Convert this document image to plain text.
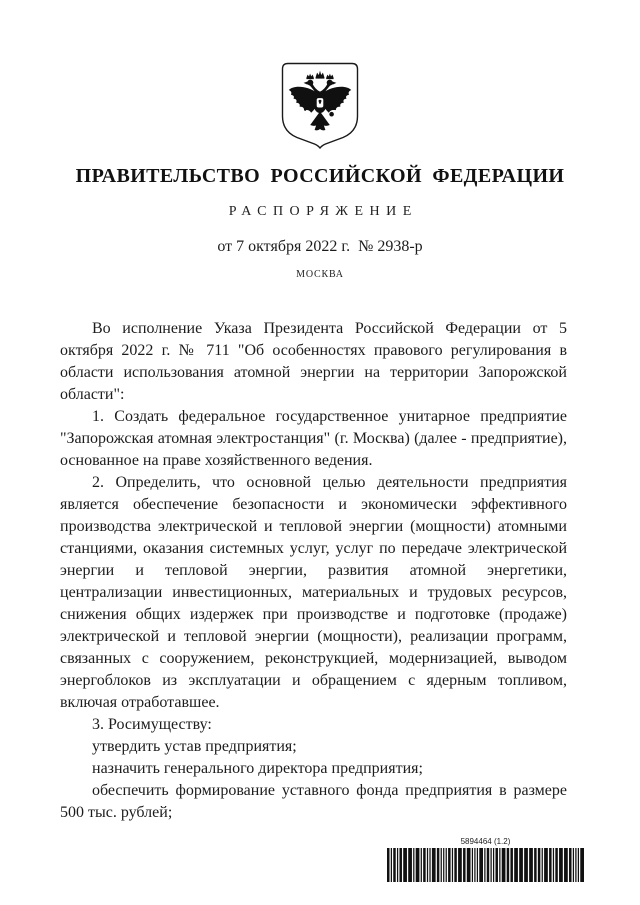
ПРАВИТЕЛЬСТВО РОССИЙСКОЙ ФЕДЕРАЦИИ
РАСПОРЯЖЕНИЕ
от 7 октября 2022 г.  № 2938-р
МОСКВА

Во исполнение Указа Президента Российской Федерации от 5 октября 2022 г. № 711 "Об особенностях правового регулирования в области использования атомной энергии на территории Запорожской области":

1. Создать федеральное государственное унитарное предприятие "Запорожская атомная электростанция" (г. Москва) (далее - предприятие), основанное на праве хозяйственного ведения.

2. Определить, что основной целью деятельности предприятия является обеспечение безопасности и экономически эффективного производства электрической и тепловой энергии (мощности) атомными станциями, оказания системных услуг, услуг по передаче электрической энергии и тепловой энергии, развития атомной энергетики, централизации инвестиционных, материальных и трудовых ресурсов, снижения общих издержек при производстве и подготовке (продаже) электрической и тепловой энергии (мощности), реализации программ, связанных с сооружением, реконструкцией, модернизацией, выводом энергоблоков из эксплуатации и обращением с ядерным топливом, включая отработавшее.

3. Росимуществу:

утвердить устав предприятия;

назначить генерального директора предприятия;

обеспечить формирование уставного фонда предприятия в размере 500 тыс. рублей;

5894464 (1.2)
